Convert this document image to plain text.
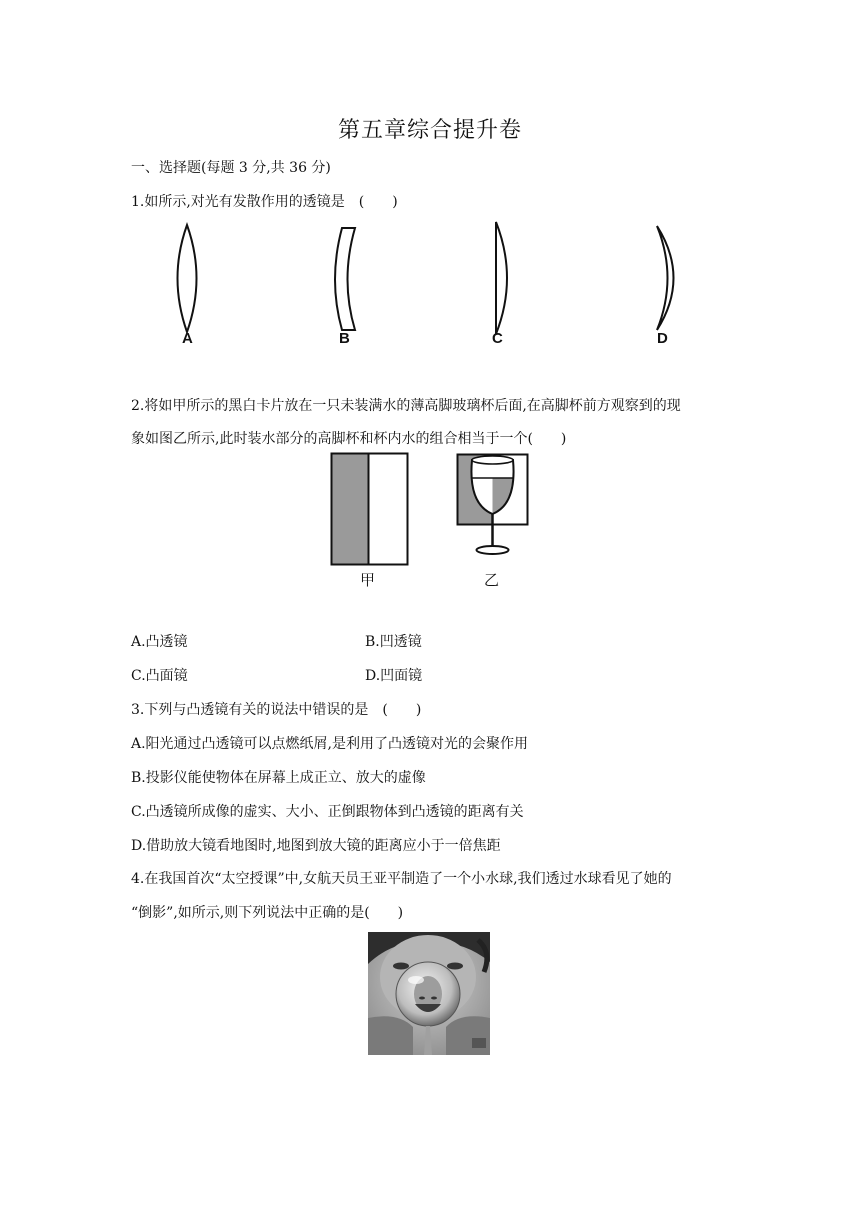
第五章综合提升卷
一、选择题(每题 3 分,共 36 分)
1.如所示,对光有发散作用的透镜是　(　　)
A	B	C	D
2.将如甲所示的黑白卡片放在一只未装满水的薄高脚玻璃杯后面,在高脚杯前方观察到的现
象如图乙所示,此时装水部分的高脚杯和杯内水的组合相当于一个(　　)
甲	乙
A.凸透镜	B.凹透镜
C.凸面镜	D.凹面镜
3.下列与凸透镜有关的说法中错误的是　(　　)
A.阳光通过凸透镜可以点燃纸屑,是利用了凸透镜对光的会聚作用
B.投影仪能使物体在屏幕上成正立、放大的虚像
C.凸透镜所成像的虚实、大小、正倒跟物体到凸透镜的距离有关
D.借助放大镜看地图时,地图到放大镜的距离应小于一倍焦距
4.在我国首次“太空授课”中,女航天员王亚平制造了一个小水球,我们透过水球看见了她的
“倒影”,如所示,则下列说法中正确的是(　　)
